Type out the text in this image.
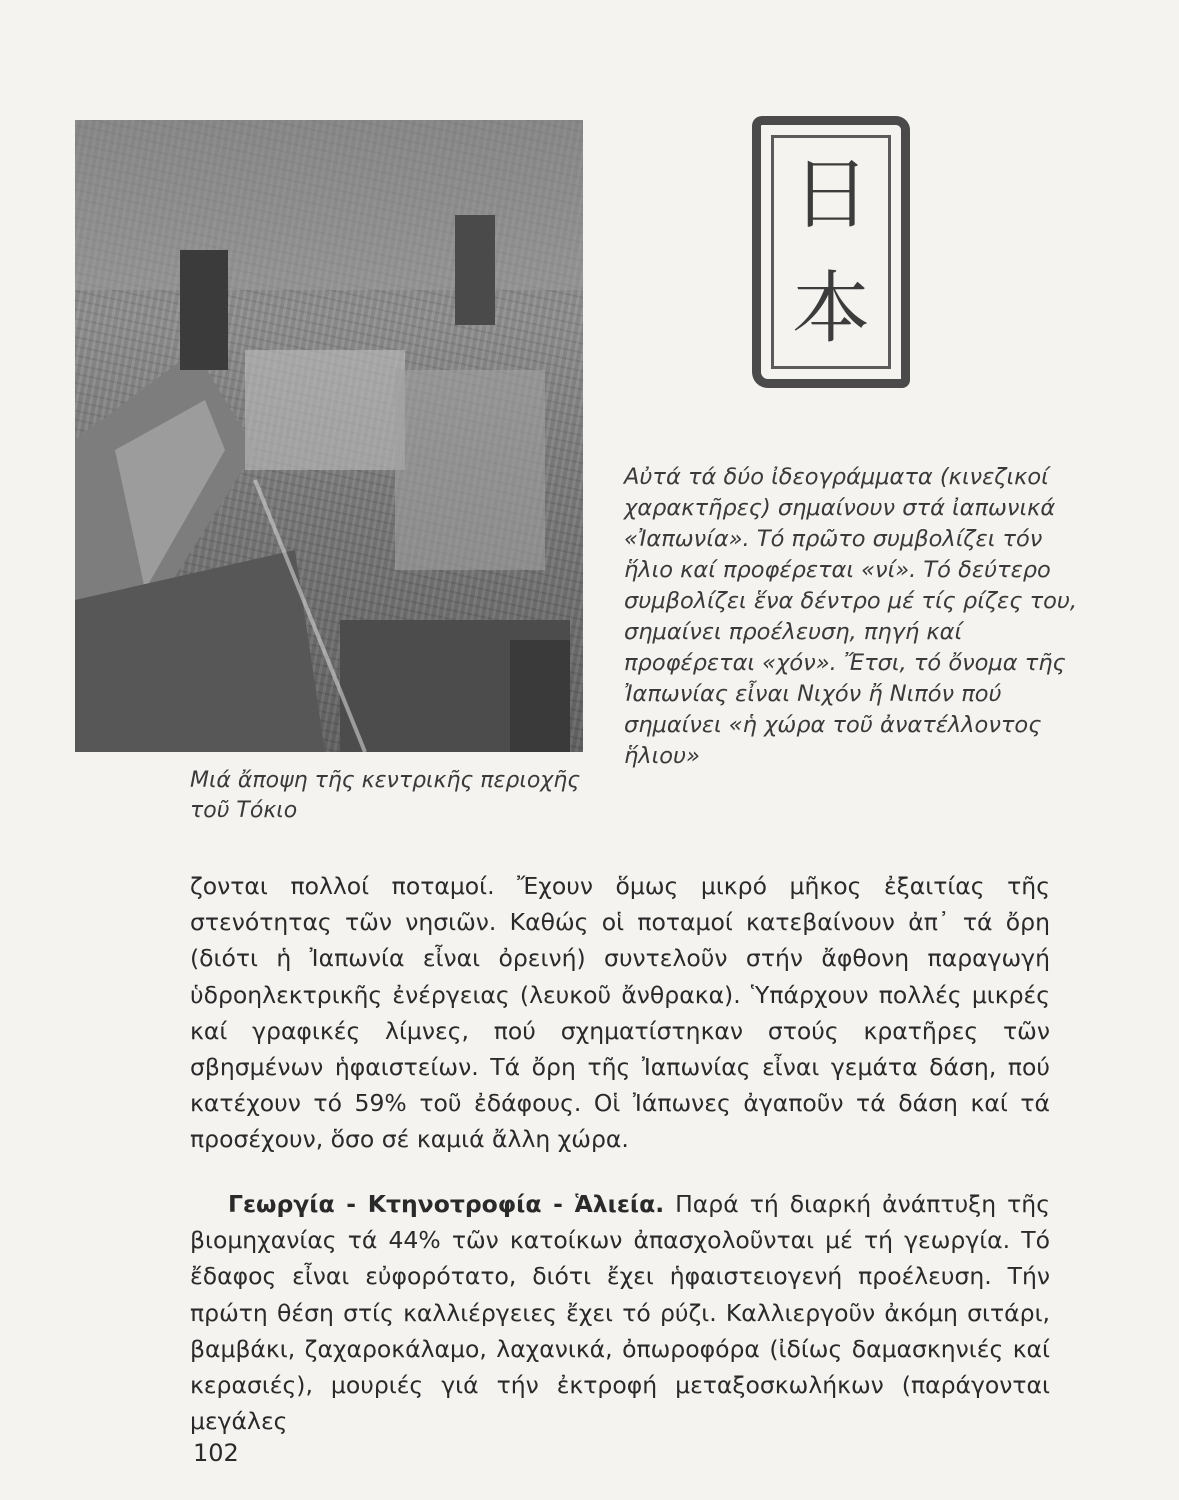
Μιά ἄποψη τῆς κεντρικῆς περιοχῆς τοῦ Τόκιο

日
本

Αὐτά τά δύο ἰδεογράμματα (κινεζικοί χαρακτῆρες) σημαίνουν στά ἰαπωνικά «Ἰαπωνία». Τό πρῶτο συμβολίζει τόν ἥλιο καί προφέρεται «νί». Τό δεύτερο συμβολίζει ἕνα δέντρο μέ τίς ρίζες του, σημαίνει προέλευση, πηγή καί προφέρεται «χόν». Ἔτσι, τό ὄνομα τῆς Ἰαπωνίας εἶναι Νιχόν ἤ Νιπόν πού σημαίνει «ἡ χώρα τοῦ ἀνατέλλοντος ἥλιου»

ζονται πολλοί ποταμοί. Ἔχουν ὅμως μικρό μῆκος ἐξαιτίας τῆς στενότητας τῶν νησιῶν. Καθώς οἱ ποταμοί κατεβαίνουν ἀπ᾽ τά ὄρη (διότι ἡ Ἰαπωνία εἶναι ὀρεινή) συντελοῦν στήν ἄφθονη παραγωγή ὑδροηλεκτρικῆς ἐνέργειας (λευκοῦ ἄνθρακα). Ὑπάρχουν πολλές μικρές καί γραφικές λίμνες, πού σχηματίστηκαν στούς κρατῆρες τῶν σβησμένων ἡφαιστείων. Τά ὄρη τῆς Ἰαπωνίας εἶναι γεμάτα δάση, πού κατέχουν τό 59% τοῦ ἐδάφους. Οἱ Ἰάπωνες ἀγαποῦν τά δάση καί τά προσέχουν, ὅσο σέ καμιά ἄλλη χώρα.

Γεωργία - Κτηνοτροφία - Ἁλιεία. Παρά τή διαρκή ἀνάπτυξη τῆς βιομηχανίας τά 44% τῶν κατοίκων ἀπασχολοῦνται μέ τή γεωργία. Τό ἔδαφος εἶναι εὐφορότατο, διότι ἔχει ἡφαιστειογενή προέλευση. Τήν πρώτη θέση στίς καλλιέργειες ἔχει τό ρύζι. Καλλιεργοῦν ἀκόμη σιτάρι, βαμβάκι, ζαχαροκάλαμο, λαχανικά, ὀπωροφόρα (ἰδίως δαμασκηνιές καί κερασιές), μουριές γιά τήν ἐκτροφή μεταξοσκωλήκων (παράγονται μεγάλες

102
